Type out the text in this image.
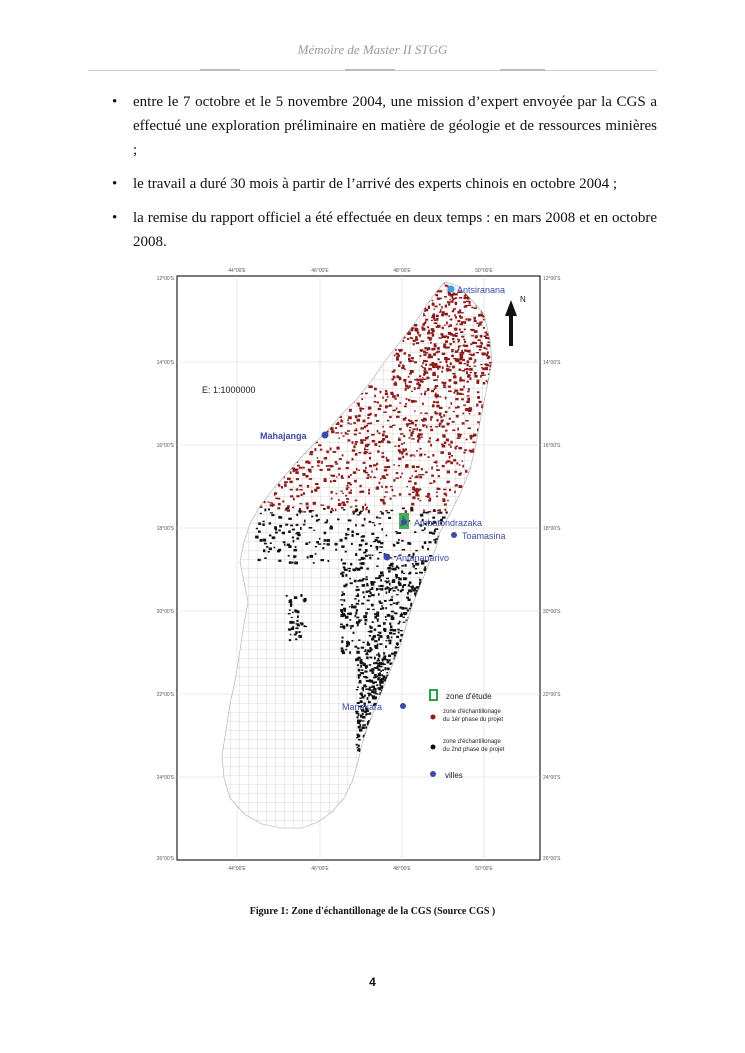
Mémoire de Master II STGG
• entre le 7 octobre et le 5 novembre 2004, une mission d’expert envoyée par la CGS a effectué une exploration préliminaire en matière de géologie et de ressources minières ;
• le travail a duré 30 mois à partir de l’arrivé des experts chinois en octobre 2004 ;
• la remise du rapport officiel a été effectuée en deux temps : en mars 2008 et en octobre 2008.
44°00'E	46°00'E	48°00'E	50°00'E
44°00'E	46°00'E	48°00'E	50°00'E
12°00'S
14°00'S
16°00'S
18°00'S
20°00'S
22°00'S
24°00'S
26°00'S
12°00'S
14°00'S
16°00'S
18°00'S
20°00'S
22°00'S
24°00'S
26°00'S
E: 1:1000000
N
Antsiranana
Mahajanga
Ambatondrazaka
Toamasina
Antananarivo
Manakara
zone d'étude
zone d'échantillonage
du 1ér phase du projet
zone d'échantillonage
du 2nd phase de projet
villes
Figure 1: Zone d'échantillonage de la CGS (Source CGS )
4
